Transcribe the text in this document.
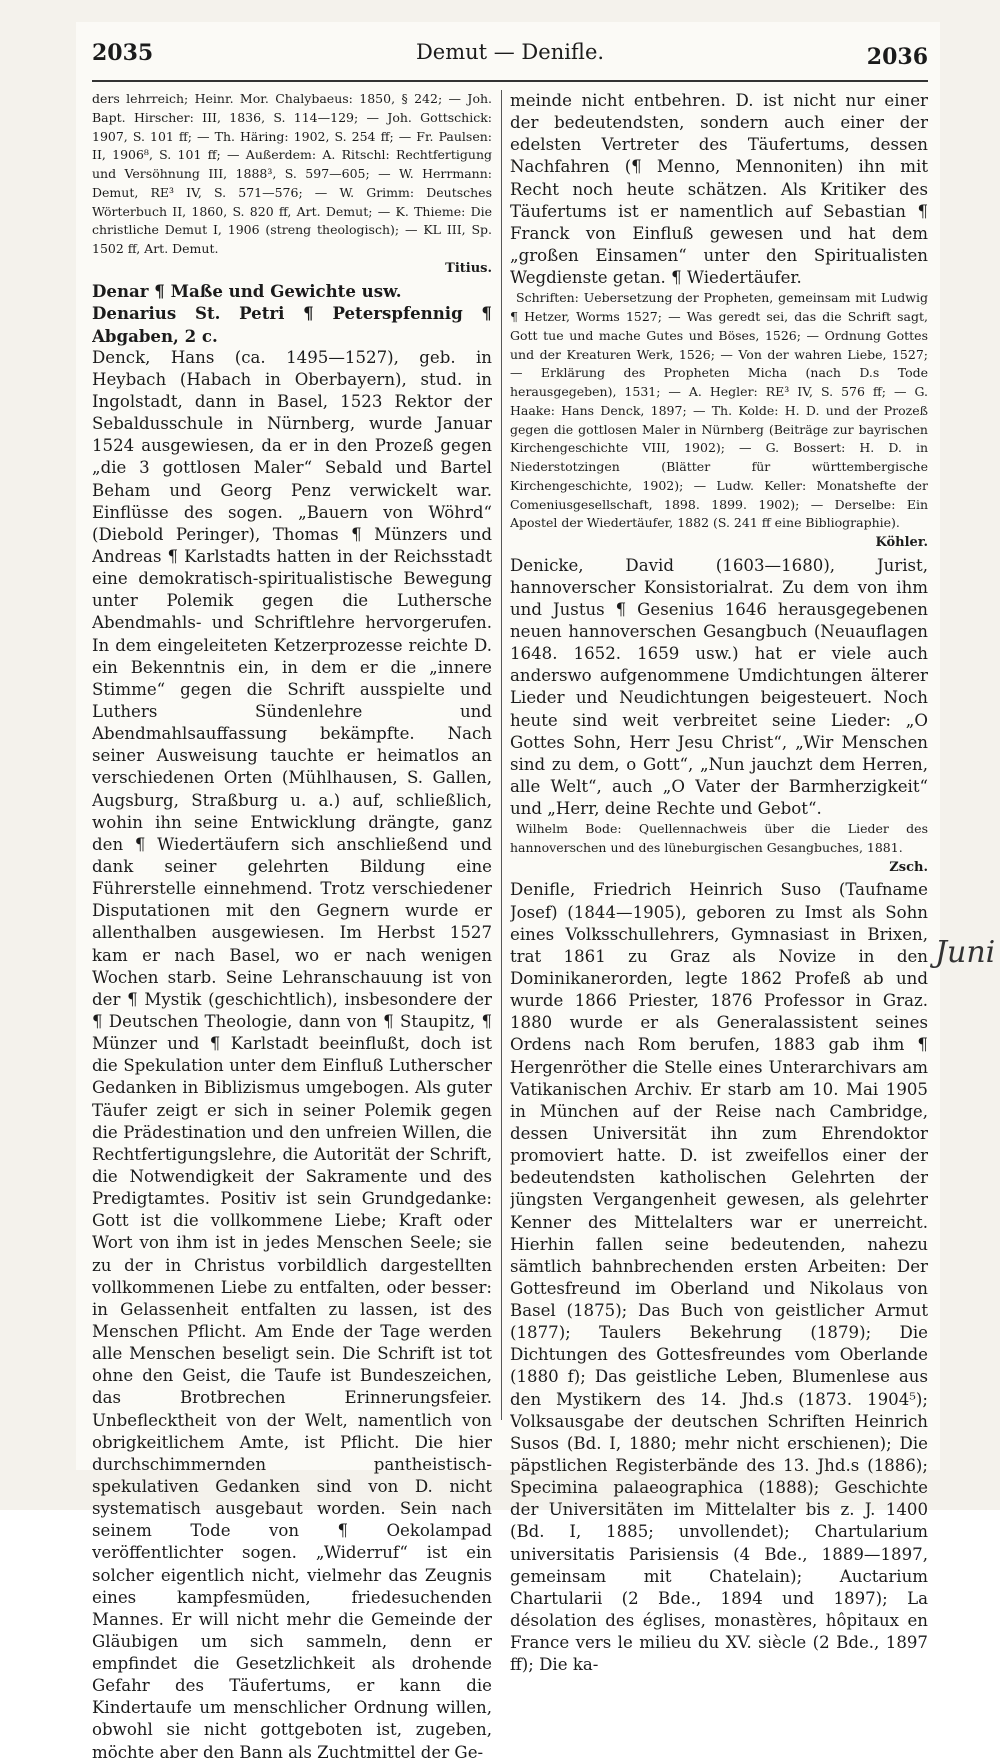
Demut — Denifle.
2035	2036

ders lehrreich; Heinr. Mor. Chalybaeus: 1850, § 242; — Joh. Bapt. Hirscher: III, 1836, S. 114—129; — Joh. Gottschick: 1907, S. 101 ff; — Th. Häring: 1902, S. 254 ff; — Fr. Paulsen: II, 1906⁸, S. 101 ff; — Außerdem: A. Ritschl: Rechtfertigung und Versöhnung III, 1888³, S. 597—605; — W. Herrmann: Demut, RE³ IV, S. 571—576; — W. Grimm: Deutsches Wörterbuch II, 1860, S. 820 ff, Art. Demut; — K. Thieme: Die christliche Demut I, 1906 (streng theologisch); — KL III, Sp. 1502 ff, Art. Demut.

Titius.

Denar ¶ Maße und Gewichte usw.

Denarius St. Petri ¶ Peterspfennig ¶ Abgaben, 2 c.

Denck, Hans (ca. 1495—1527), geb. in Heybach (Habach in Oberbayern), stud. in Ingolstadt, dann in Basel, 1523 Rektor der Sebaldusschule in Nürnberg, wurde Januar 1524 ausgewiesen, da er in den Prozeß gegen „die 3 gottlosen Maler“ Sebald und Bartel Beham und Georg Penz verwickelt war. Einflüsse des sogen. „Bauern von Wöhrd“ (Diebold Peringer), Thomas ¶ Münzers und Andreas ¶ Karlstadts hatten in der Reichsstadt eine demokratisch-spiritualistische Bewegung unter Polemik gegen die Luthersche Abendmahls- und Schriftlehre hervorgerufen. In dem eingeleiteten Ketzerprozesse reichte D. ein Bekenntnis ein, in dem er die „innere Stimme“ gegen die Schrift ausspielte und Luthers Sündenlehre und Abendmahlsauffassung bekämpfte. Nach seiner Ausweisung tauchte er heimatlos an verschiedenen Orten (Mühlhausen, S. Gallen, Augsburg, Straßburg u. a.) auf, schließlich, wohin ihn seine Entwicklung drängte, ganz den ¶ Wiedertäufern sich anschließend und dank seiner gelehrten Bildung eine Führerstelle einnehmend. Trotz verschiedener Disputationen mit den Gegnern wurde er allenthalben ausgewiesen. Im Herbst 1527 kam er nach Basel, wo er nach wenigen Wochen starb. Seine Lehranschauung ist von der ¶ Mystik (geschichtlich), insbesondere der ¶ Deutschen Theologie, dann von ¶ Staupitz, ¶ Münzer und ¶ Karlstadt beeinflußt, doch ist die Spekulation unter dem Einfluß Lutherscher Gedanken in Biblizismus umgebogen. Als guter Täufer zeigt er sich in seiner Polemik gegen die Prädestination und den unfreien Willen, die Rechtfertigungslehre, die Autorität der Schrift, die Notwendigkeit der Sakramente und des Predigtamtes. Positiv ist sein Grundgedanke: Gott ist die vollkommene Liebe; Kraft oder Wort von ihm ist in jedes Menschen Seele; sie zu der in Christus vorbildlich dargestellten vollkommenen Liebe zu entfalten, oder besser: in Gelassenheit entfalten zu lassen, ist des Menschen Pflicht. Am Ende der Tage werden alle Menschen beseligt sein. Die Schrift ist tot ohne den Geist, die Taufe ist Bundeszeichen, das Brotbrechen Erinnerungsfeier. Unbeflecktheit von der Welt, namentlich von obrigkeitlichem Amte, ist Pflicht. Die hier durchschimmernden pantheistisch-spekulativen Gedanken sind von D. nicht systematisch ausgebaut worden. Sein nach seinem Tode von ¶ Oekolampad veröffentlichter sogen. „Widerruf“ ist ein solcher eigentlich nicht, vielmehr das Zeugnis eines kampfesmüden, friedesuchenden Mannes. Er will nicht mehr die Gemeinde der Gläubigen um sich sammeln, denn er empfindet die Gesetzlichkeit als drohende Gefahr des Täufertums, er kann die Kindertaufe um menschlicher Ordnung willen, obwohl sie nicht gottgeboten ist, zugeben, möchte aber den Bann als Zuchtmittel der Ge-

meinde nicht entbehren. D. ist nicht nur einer der bedeutendsten, sondern auch einer der edelsten Vertreter des Täufertums, dessen Nachfahren (¶ Menno, Mennoniten) ihn mit Recht noch heute schätzen. Als Kritiker des Täufertums ist er namentlich auf Sebastian ¶ Franck von Einfluß gewesen und hat dem „großen Einsamen“ unter den Spiritualisten Wegdienste getan. ¶ Wiedertäufer.

Schriften: Uebersetzung der Propheten, gemeinsam mit Ludwig ¶ Hetzer, Worms 1527; — Was geredt sei, das die Schrift sagt, Gott tue und mache Gutes und Böses, 1526; — Ordnung Gottes und der Kreaturen Werk, 1526; — Von der wahren Liebe, 1527; — Erklärung des Propheten Micha (nach D.s Tode herausgegeben), 1531; — A. Hegler: RE³ IV, S. 576 ff; — G. Haake: Hans Denck, 1897; — Th. Kolde: H. D. und der Prozeß gegen die gottlosen Maler in Nürnberg (Beiträge zur bayrischen Kirchengeschichte VIII, 1902); — G. Bossert: H. D. in Niederstotzingen (Blätter für württembergische Kirchengeschichte, 1902); — Ludw. Keller: Monatshefte der Comeniusgesellschaft, 1898. 1899. 1902); — Derselbe: Ein Apostel der Wiedertäufer, 1882 (S. 241 ff eine Bibliographie).

Köhler.

Denicke, David (1603—1680), Jurist, hannoverscher Konsistorialrat. Zu dem von ihm und Justus ¶ Gesenius 1646 herausgegebenen neuen hannoverschen Gesangbuch (Neuauflagen 1648. 1652. 1659 usw.) hat er viele auch anderswo aufgenommene Umdichtungen älterer Lieder und Neudichtungen beigesteuert. Noch heute sind weit verbreitet seine Lieder: „O Gottes Sohn, Herr Jesu Christ“, „Wir Menschen sind zu dem, o Gott“, „Nun jauchzt dem Herren, alle Welt“, auch „O Vater der Barmherzigkeit“ und „Herr, deine Rechte und Gebot“.

Wilhelm Bode: Quellennachweis über die Lieder des hannoverschen und des lüneburgischen Gesangbuches, 1881.

Zsch.

Denifle, Friedrich Heinrich Suso (Taufname Josef) (1844—1905), geboren zu Imst als Sohn eines Volksschullehrers, Gymnasiast in Brixen, trat 1861 zu Graz als Novize in den Dominikanerorden, legte 1862 Profeß ab und wurde 1866 Priester, 1876 Professor in Graz. 1880 wurde er als Generalassistent seines Ordens nach Rom berufen, 1883 gab ihm ¶ Hergenröther die Stelle eines Unterarchivars am Vatikanischen Archiv. Er starb am 10. Mai 1905 in München auf der Reise nach Cambridge, dessen Universität ihn zum Ehrendoktor promoviert hatte. D. ist zweifellos einer der bedeutendsten katholischen Gelehrten der jüngsten Vergangenheit gewesen, als gelehrter Kenner des Mittelalters war er unerreicht. Hierhin fallen seine bedeutenden, nahezu sämtlich bahnbrechenden ersten Arbeiten: Der Gottesfreund im Oberland und Nikolaus von Basel (1875); Das Buch von geistlicher Armut (1877); Taulers Bekehrung (1879); Die Dichtungen des Gottesfreundes vom Oberlande (1880 f); Das geistliche Leben, Blumenlese aus den Mystikern des 14. Jhd.s (1873. 1904⁵); Volksausgabe der deutschen Schriften Heinrich Susos (Bd. I, 1880; mehr nicht erschienen); Die päpstlichen Registerbände des 13. Jhd.s (1886); Specimina palaeographica (1888); Geschichte der Universitäten im Mittelalter bis z. J. 1400 (Bd. I, 1885; unvollendet); Chartularium universitatis Parisiensis (4 Bde., 1889—1897, gemeinsam mit Chatelain); Auctarium Chartularii (2 Bde., 1894 und 1897); La désolation des églises, monastères, hôpitaux en France vers le milieu du XV. siècle (2 Bde., 1897 ff); Die ka-

Juni
